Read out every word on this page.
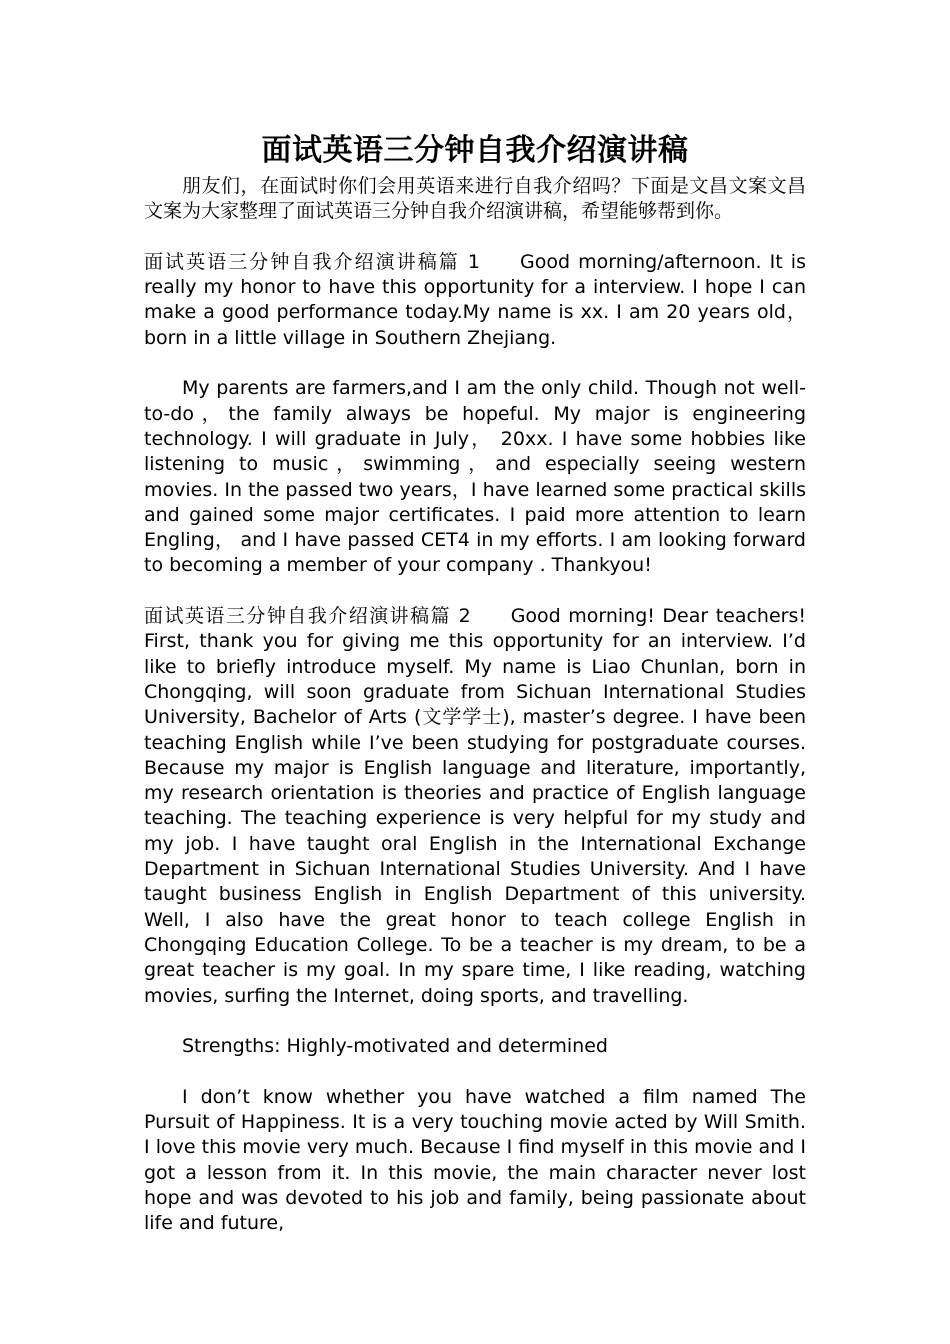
面试英语三分钟自我介绍演讲稿

朋友们，在面试时你们会用英语来进行自我介绍吗？下面是文昌文案文昌文案为大家整理了面试英语三分钟自我介绍演讲稿，希望能够帮到你。

面试英语三分钟自我介绍演讲稿篇 1 Good morning/afternoon. It is really my honor to have this opportunity for a interview. I hope I can make a good performance today.My name is xx. I am 20 years old，born in a little village in Southern Zhejiang.

My parents are farmers,and I am the only child. Though not well-to-do，the family always be hopeful. My major is engineering technology. I will graduate in July， 20xx. I have some hobbies like listening to music，swimming，and especially seeing western movies. In the passed two years，I have learned some practical skills and gained some major certificates. I paid more attention to learn Engling， and I have passed CET4 in my efforts. I am looking forward to becoming a member of your company . Thankyou!

面试英语三分钟自我介绍演讲稿篇 2 Good morning! Dear teachers! First, thank you for giving me this opportunity for an interview. I’d like to briefly introduce myself. My name is Liao Chunlan, born in Chongqing, will soon graduate from Sichuan International Studies University, Bachelor of Arts (文学学士), master’s degree. I have been teaching English while I’ve been studying for postgraduate courses. Because my major is English language and literature, importantly, my research orientation is theories and practice of English language teaching. The teaching experience is very helpful for my study and my job. I have taught oral English in the International Exchange Department in Sichuan International Studies University. And I have taught business English in English Department of this university. Well, I also have the great honor to teach college English in Chongqing Education College. To be a teacher is my dream, to be a great teacher is my goal. In my spare time, I like reading, watching movies, surfing the Internet, doing sports, and travelling.

Strengths: Highly-motivated and determined

I don’t know whether you have watched a film named The Pursuit of Happiness. It is a very touching movie acted by Will Smith. I love this movie very much. Because I find myself in this movie and I got a lesson from it. In this movie, the main character never lost hope and was devoted to his job and family, being passionate about life and future,
